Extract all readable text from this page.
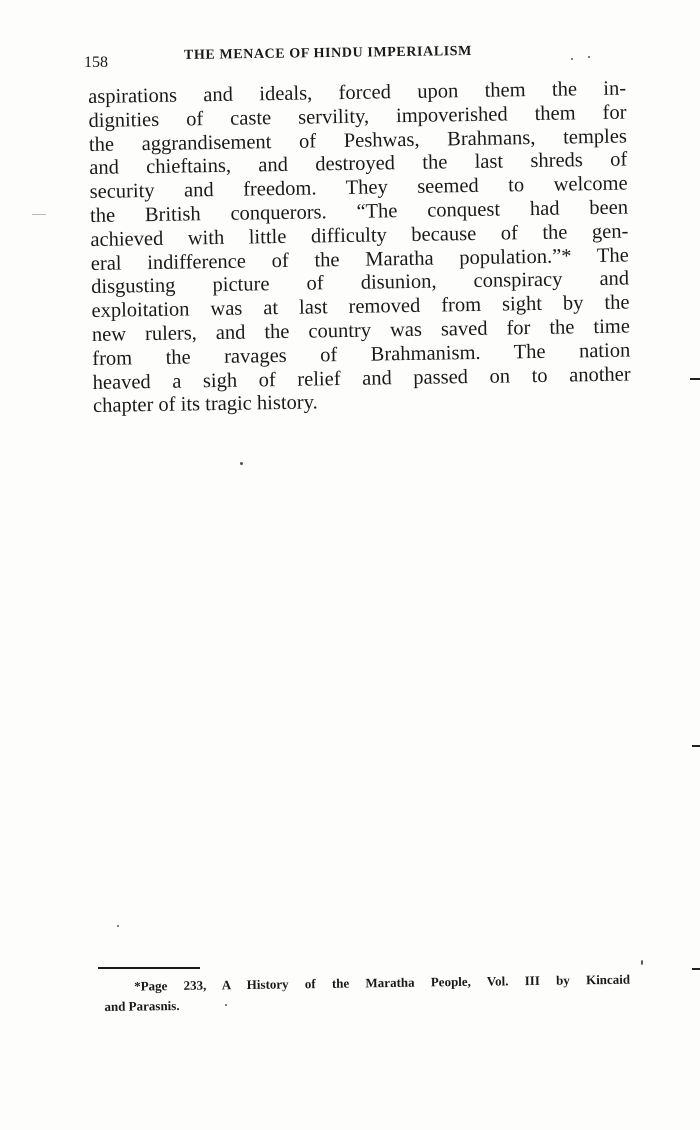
158	THE MENACE OF HINDU IMPERIALISM
aspirations and ideals, forced upon them the in-
dignities of caste servility, impoverished them for
the aggrandisement of Peshwas, Brahmans, temples
and chieftains, and destroyed the last shreds of
security and freedom. They seemed to welcome
the British conquerors. “The conquest had been
achieved with little difficulty because of the gen-
eral indifference of the Maratha population.”* The
disgusting picture of disunion, conspiracy and
exploitation was at last removed from sight by the
new rulers, and the country was saved for the time
from the ravages of Brahmanism. The nation
heaved a sigh of relief and passed on to another
chapter of its tragic history.
*Page 233, A History of the Maratha People, Vol. III by Kincaid
and Parasnis.
